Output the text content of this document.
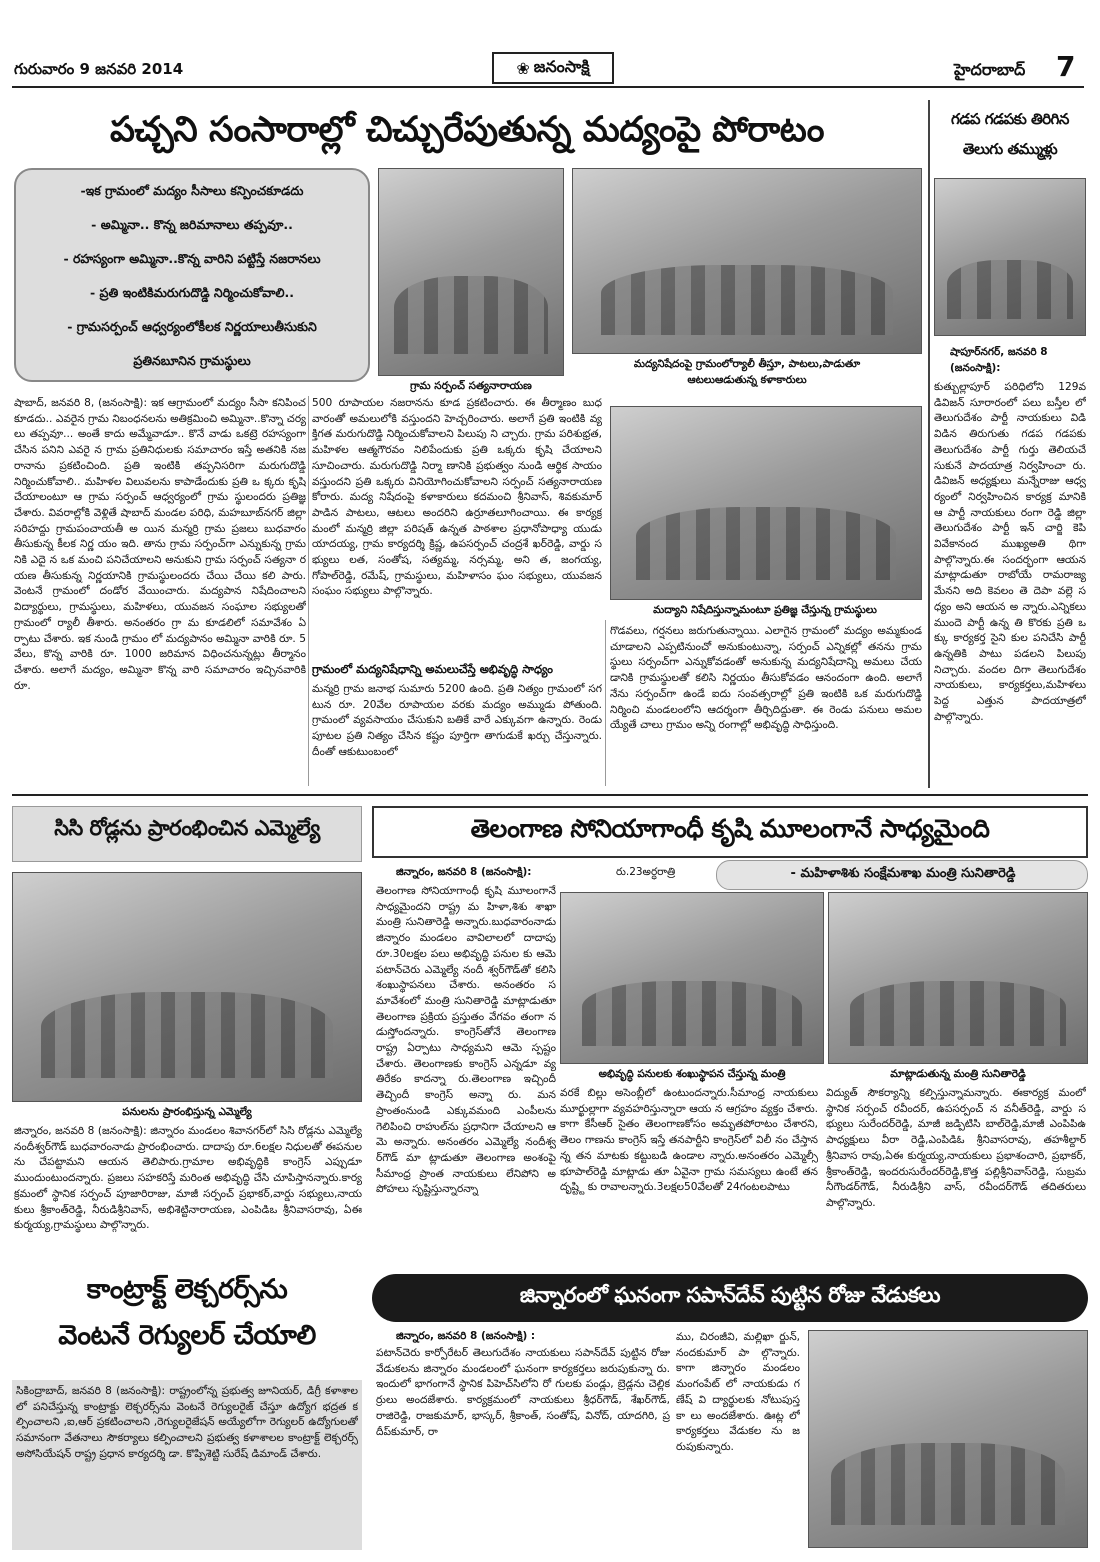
గురువారం 9 జనవరి 2014	❀ జనంసాక్షి	హైదరాబాద్ 7
పచ్చని సంసారాల్లో చిచ్చురేపుతున్న మద్యంపై పోరాటం
-ఇక గ్రామంలో మద్యం సీసాలు కన్పించకూడదు
- అమ్మినా.. కొన్న జరిమానాలు తప్పవూ..
- రహస్యంగా అమ్మినా..కొన్న వారిని పట్టిస్తే నజరానలు
- ప్రతి ఇంటికిమరుగుదొడ్డి నిర్మించుకోవాలి..
- గ్రామసర్పంచ్ ఆధ్వర్యంలోకీలక నిర్ణయాలుతీసుకుని
ప్రతినబూనిన గ్రామస్థులు
గ్రామ సర్పంచ్ సత్యనారాయణ
మద్యనిషేదంపై గ్రామంలోర్యాలీ తీస్తూ, పాటలు,పాడుతూ
ఆటలుఆడుతున్న కళాకారులు
మద్యాని నిషేదిస్తున్నామంటూ ప్రతిజ్ఞ చేస్తున్న గ్రామస్థులు
షాబాద్, జనవరి 8, (జనంసాక్షి): ఇక ఆగ్రామంలో మద్యం సీసా కనిపించకూడదు.. ఎవరైన గ్రామ నిబంధనలను అతిక్రమించి అమ్మినా..కొన్నా చర్యలు తప్పవూ... అంతే కాదు అమ్మేవాడూ.. కొనే వాడు ఒకట్రె రహస్యంగా చేసిన పనిని ఎవరై న గ్రామ ప్రతినిధులకు సమాచారం ఇస్తే అతనికి నజరానాను ప్రకటించింది. ప్రతి ఇంటికి తప్పనిసరిగా మరుగుదొడ్డి నిర్మించుకోవాలి.. మహిళల విలువలను కాపాడేందుకు ప్రతి ఒ క్కరు కృషి చేయాలంటూ ఆ గ్రామ సర్పంచ్ ఆధ్వర్యంలో గ్రామ స్థులందరు ప్రతిజ్ఞ చేశారు. వివరాల్లోకి వెళ్లితే షాబాద్ మండల పరిధి, మహబూబ్‌నగర్ జిల్లా సరిహద్దు గ్రామపంచాయతీ అ యిన మన్మర్రి గ్రామ ప్రజలు బుధవారం తీసుకున్న కీలక నిర్ణ యం ఇది. తాను గ్రామ సర్పంచ్‌గా ఎన్నుకున్న గ్రామనికి ఎదై న ఒక మంచి పనిచేయాలని అనుకుని గ్రామ సర్పంచ్ సత్యనా రయణ తీసుకున్న నిర్ణయానికి గ్రామస్థులందరు చేయి చేయి కలి పారు. వెంటనే గ్రామంలో దండోర వేయించారు. మద్యపాన నిషేదించాలని విద్యార్థులు, గ్రామస్థులు, మహిళలు, యువజన సంఘాల సభ్యులతో గ్రామంలో ర్యాలీ తీశారు. అనంతరం గ్రా మ కూడలిలో సమావేశం ఏర్పాటు చేశారు. ఇక నుండి గ్రామం లో మద్యపానం అమ్మినా వారికి రూ. 5వేలు, కొన్న వారికి రూ. 1000 జరిమాన విధించనున్నట్లు తీర్మానం చేశారు. అలాగే మద్యం, అమ్మినా కొన్న వారి సమాచారం ఇచ్చినవారికి రూ.
500 రూపాయల నజరానను కూడ ప్రకటించారు. ఈ తీర్మాణం బుధవారంతో అమలులోకి వస్తుందని హెచ్చరించారు. అలాగే ప్రతి ఇంటికి వ్యక్తిగత మరుగుదొడ్డి నిర్మించుకోవాలని పిలుపు ని చ్చారు. గ్రామ పరిశుభ్రత, మహిళల ఆత్మగౌరవం నిలిపేందుకు ప్రతి ఒక్కరు కృషి చేయాలని సూచించారు. మరుగుదొడ్డి నిర్మా ణానికి ప్రభుత్వం నుండి ఆర్థిక సాయం వస్తుందని ప్రతి ఒక్కరు వినియోగించుకోవాలని సర్పంచ్ సత్యనారాయణ కోరారు. మద్య నిషేదంపై కళాకారులు కదమంచి శ్రీనివాస్, శివకుమార్ పాడిన పాటలు, ఆటలు అందరిని ఉర్రూతలూగించాయి. ఈ కార్యక్ర మంలో మన్మర్రి జిల్లా పరిషత్ ఉన్నత పాఠశాల ప్రధానోపాధ్యా యుడు యాదయ్య, గ్రామ కార్యదర్శి క్రిష్ణ, ఉపసర్పంచ్ చంద్రశే ఖర్‌రెడ్డి, వార్డు సభ్యులు లత, సంతోష, సత్యమ్మ, నర్సమ్మ, అని త, జంగయ్య, గోపాల్‌రెడ్డి, రమేష్, గ్రామస్థులు, మహిళాసం ఘం సభ్యులు, యువజనసంఘం సభ్యులు పాల్గొన్నారు.
గ్రామంలో మద్యనిషేధాన్ని అమలుచేస్తే అభివృద్ధి సాధ్యం
మన్మర్రి గ్రామ జనాభ సుమారు 5200 ఉంది. ప్రతి నిత్యం గ్రామంలో సగటున రూ. 20వేల రూపాయల వరకు మద్యం అమ్ముడు పోతుంది. గ్రామంలో వ్యవసాయం చేసుకుని బతికే వారే ఎక్కువగా ఉన్నారు. రెండు పూటల ప్రతి నిత్యం చేసిన కష్టం పూర్తిగా తాగుడుకే ఖర్చు చేస్తున్నారు. దీంతో ఆకుటుంబంలో
గొడవలు, గర్షనలు జరుగుతున్నాయి. ఎలాగైన గ్రామంలో మద్యం అమ్మకుండ చూడాలని ఎప్పటినుంచో అనుకుంటున్నా, సర్పంచ్ ఎన్నికల్లో తనను గ్రామస్థులు సర్పంచ్‌గా ఎన్నుకోవడంతో అనుకున్న మద్యనిషేదాన్ని అమలు చేయడానికి గ్రామస్థులతో కలిసి నిర్ణయం తీసుకోవడం ఆనందంగా ఉంది. అలాగే నేను సర్పంచ్‌గా ఉండే ఐదు సంవత్సరాల్లో ప్రతి ఇంటికి ఒక మరుగుదొడ్డి నిర్మించి మండలంలోని ఆదర్శంగా తీర్చిదిద్దుతా. ఈ రెండు పనులు అమలయ్యేతే చాలు గ్రామం అన్ని రంగాల్లో అభివృద్ధి సాధిస్తుంది.
గడప గడపకు తిరిగిన
తెలుగు తమ్ముళ్లు
షాపూర్‌నగర్, జనవరి 8
(జనంసాక్షి):
కుత్బుల్లాపూర్ పరిధిలోని 129వ డివిజన్ సూరారంలో పలు బస్తీల లో తెలుగుదేశం పార్టీ నాయకులు విడి విడిన తిరుగుతు గడప గడపకు తెలుగుదేశం పార్టీ గుర్తు తెలియచే సుకునే పాదయాత్ర నిర్వహించా రు.డివిజన్ అధ్యక్షులు మన్నేరాజు ఆధ్వర్యంలో నిర్వహించిన కార్యక్ర మానికి ఆ పార్టీ నాయకులు రంగా రెడ్డి జిల్లా తెలుగుదేశం పార్టీ ఇన్ చార్జి కెపి వివేకానంద ముఖ్యఅతి థిగా పాల్గొన్నారు.ఈ సందర్భంగా ఆయన మాట్లాడుతూ రాబోయే రామరాజ్యమేనని అది కెవలం తె దెపా వల్లె సధ్యం అని ఆయన అ న్నారు.ఎన్నికలు ముందె పార్టీ ఉన్న తి కొరకు ప్రతి ఒక్కు కార్యకర్త సైని కుల పనిచేసి పార్టీ ఉన్నతికి పాటు పడలని పిలుపు నిచ్చారు. వందల దిగా తెలుగుదేశం నాయకులు, కార్యకర్తలు,మహిళలు పెద్ద ఎత్తున పాదయాత్రలో పాల్గొన్నారు.
సిసి రోడ్లను ప్రారంభించిన ఎమ్మెల్యే
పనులను ప్రారంభిస్తున్న ఎమ్మెల్యే
జిన్నారం, జనవరి 8 (జనంసాక్షి): జిన్నారం మండలం శివానగర్‌లో సిసి రోడ్లను ఎమ్మెల్యే నందీశ్వర్‌గౌడ్ బుధవారంనాడు ప్రారంభించారు. దాదాపు రూ.6లక్షల నిధులతో ఈపనులను చేపట్టామని ఆయన తెలిపారు.గ్రామాల అభివృద్ధికి కాంగ్రెస్ ఎప్పుడూ ముందుంటుందన్నారు. ప్రజలు సహకరిస్తే మరింత అభివృద్ధి చేసి చూపిస్తానన్నారు.కార్యక్రమంలో స్థానిక సర్పంచ్ పూజారిరాజు, మాజీ సర్పంచ్ ప్రభాకర్,వార్డు సభ్యులు,నాయకులు శ్రీకాంత్‌రెడ్డి, నీరుడిశ్రీనివాస్, అభిశెట్టినారాయణ, ఎంపిడిఒ శ్రీనివాసరావు, ఏఈ కుర్మయ్య,గ్రామస్థులు పాల్గొన్నారు.
కాంట్రాక్ట్ లెక్చరర్స్‌ను
వెంటనే రెగ్యులర్ చేయాలి
సికింద్రాబాద్, జనవరి 8 (జనంసాక్షి): రాష్ట్రంలోన్న ప్రభుత్వ జూనియర్, డిగ్రీ కళాశాలలో పనిచేస్తున్న కాంట్రాక్టు లెక్చరర్స్‌ను వెంటనే రెగ్యులరైజ్ చేస్తూ ఉద్యోగ భద్రత కల్పించాలని ,ఐ,ఆర్ ప్రకటించాలని ,రెగ్యులరైజేషన్ అయ్యేలోగా రెగ్యులర్ ఉద్యోగులతో సమానంగా వేతనాలు సౌకర్యాలు కల్పించాలని ప్రభుత్వ కళాశాలల కాంట్రాక్ట్ లెక్చరర్స్ అసోసియేషన్ రాష్ట్ర ప్రధాన కార్యదర్శి డా. కొప్పిశెట్టి సురేష్ డిమాండ్ చేశారు.
తెలంగాణ సోనియాగాంధీ కృషి మూలంగానే సాధ్యమైంది
జిన్నారం, జనవరి 8 (జనంసాక్షి):	రు.23అర్ధరాత్రి	- మహిళాశిశు సంక్షేమశాఖ మంత్రి సునితారెడ్డి
తెలంగాణ సోనియాగాంధీ కృషి మూలంగానే సాధ్యమైందని రాష్ట్ర మ హిళా,శిశు శాఖా మంత్రి సునితారెడ్డి అన్నారు.బుధవారంనాడు జిన్నారం మండలం వావిలాలలో దాదాపు రూ.30లక్షల పలు అభివృద్ధి పనుల కు ఆమె పటాన్‌చెరు ఎమ్మెల్యే నందీ శ్వర్‌గౌడ్‌తో కలిసి శంఖుస్థాపనలు చేశారు. అనంతరం సమావేశంలో మంత్రి సునితారెడ్డి మాట్లాడుతూ తెలంగాణ ప్రక్రియ ప్రస్తుతం వేగవం తంగా నడుస్తోందన్నారు. కాంగ్రెస్‌తోనే తెలంగాణ రాష్ట్ర ఏర్పాటు సాధ్యమని ఆమె స్పష్టం చేశారు. తెలంగాణకు కాంగ్రెస్ ఎన్నడూ వ్యతిరేకం కాదన్నా రు.తెలంగాణ ఇచ్చిందీ తెచ్చిందీ కాంగ్రెస్ అన్నా రు. మన ప్రాంతంనుండి ఎక్కువమంది ఎంపీలను గెలిపించి రాహుల్‌ను ప్రధానిగా చేయాలని ఆమె అన్నారు. అనంతరం ఎమ్మెల్యే నందీశ్వర్‌గౌడ్ మా ట్లాడుతూ తెలంగాణ అంశంపై సీమాంధ్ర ప్రాంత నాయకులు లేనిపోని అపోహలు సృష్టిస్తున్నారన్నా
అభివృద్ధి పనులకు శంఖుస్థాపన చేస్తున్న మంత్రి	మాట్లాడుతున్న మంత్రి సునితారెడ్డి
వరకే బిల్లు అసెంబ్లీలో ఉంటుందన్నారు.సీమాంధ్ర నాయకులు మూర్ఖుల్లాగా వ్యవహరిస్తున్నారా ఆయ న ఆగ్రహం వ్యక్తం చేశారు. కాగా కేసీఆర్ సైతం తెలంగాణకోసం అమృతపోరాటం చేశారని, తెలం గాణను కాంగ్రెస్ ఇస్తే తనపార్టీని కాంగ్రెస్‌లో విలీ నం చేస్తానన్న తన మాటకు కట్టుబడి ఉండాల న్నారు.అనంతరం ఎమ్మెల్సీ భూపాల్‌రెడ్డి మాట్లాడు తూ ఏవైనా గ్రామ సమస్యలు ఉంటే తనదృష్ట్టి కు రావాలన్నారు.3లక్షల50వేలతో 24గంటలపాటు
విద్యుత్ సౌకర్యాన్ని కల్పిస్తున్నామన్నారు. ఈకార్యక్ర మంలో స్థానిక సర్పంచ్ రవీందర్, ఉపసర్పంచ్ న వనీత్‌రెడ్డి, వార్డు సభ్యులు సురేందర్‌రెడ్డి, మాజీ జడ్పిటిసి బాల్‌రెడ్డి,మాజీ ఎంపిపిఉపాధ్యక్షులు వీరా రెడ్డి,ఎంపిడిఓ శ్రీనివాసరావు, తహశీల్దార్ శ్రీనివాస రావు,ఏఈ కుర్మయ్య,నాయకులు ప్రభాశంచారి, ప్రభాకర్, శ్రీకాంత్‌రెడ్డి, ఇందరుసురేందర్‌రెడ్డి,కొత్త పల్లిశ్రీనివాస్‌రెడ్డి, సుబ్రమనీగౌండర్‌గౌడ్, నీరుడిశ్రీని వాస్, రవీందర్‌గౌడ్ తదితరులు పాల్గొన్నారు.
జిన్నారంలో ఘనంగా సపాన్‌దేవ్ పుట్టిన రోజు వేడుకలు
జిన్నారం, జనవరి 8 (జనంసాక్షి) :
పటాన్‌చెరు కార్పోరేటర్ తెలుగుదేశం నాయకులు సపాన్‌దేవ్ పుట్టిన రోజు వేడుకలను జిన్నారం మండలంలో ఘనంగా కార్యకర్తలు జరుపుకున్నా రు. ఇందులో భాగంగానే స్థానిక పిహెచ్‌సిలోని రో గులకు పండ్లు, బ్రెడ్లను చెల్లికర్రులు అందజేశారు. కార్యక్రమంలో నాయకులు శ్రీధర్‌గౌడ్, శేఖర్‌గౌడ్, రాజిరెడ్డి, రాజకుమార్, భాస్కర్, శ్రీకాంత్, సంతోష్, వినోద్, యాదగిరి, ప్రదీప్‌కుమార్, రా
ము, చిరంజీవి, మల్లిఖా ర్జున్, నందకుమార్ పా ల్గొన్నారు. కాగా జిన్నారం మండలం మంగంపేట్ లో నాయకుడు గణేష్ వి ద్యార్థులకు నోటుపుస్తకా లు అందజేశారు. ఊట్ల లో కార్యకర్తలు వేడుకల ను జరుపుకున్నారు.
